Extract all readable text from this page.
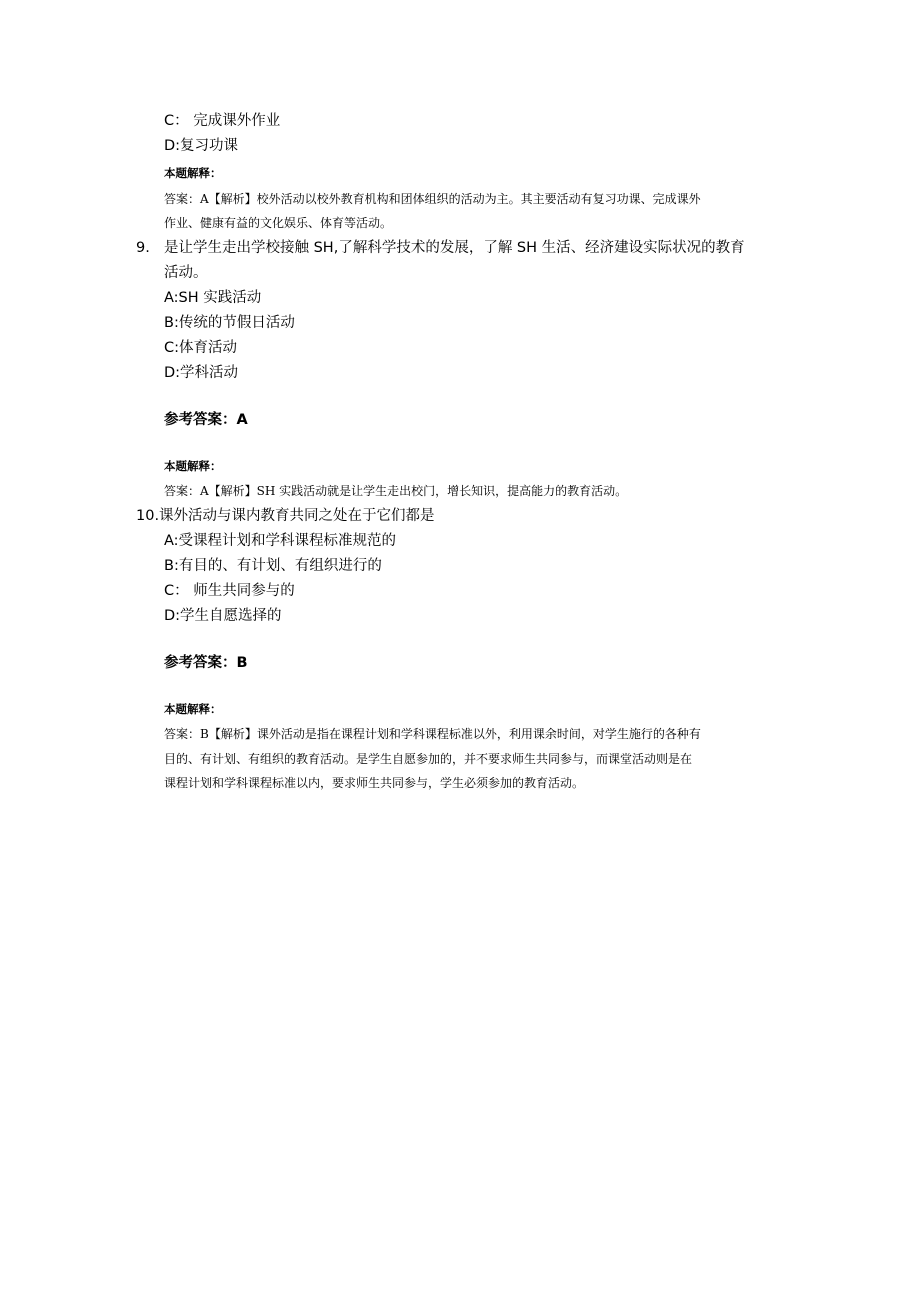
C： 完成课外作业
D:复习功课
本题解释：
答案：A【解析】校外活动以校外教育机构和团体组织的活动为主。其主要活动有复习功课、完成课外
作业、健康有益的文化娱乐、体育等活动。
9. 是让学生走出学校接触 SH,了解科学技术的发展，了解 SH 生活、经济建设实际状况的教育
活动。
A:SH 实践活动
B:传统的节假日活动
C:体育活动
D:学科活动
参考答案：A
本题解释：
答案：A【解析】SH 实践活动就是让学生走出校门，增长知识，提高能力的教育活动。
10.课外活动与课内教育共同之处在于它们都是
A:受课程计划和学科课程标准规范的
B:有目的、有计划、有组织进行的
C： 师生共同参与的
D:学生自愿选择的
参考答案：B
本题解释：
答案：B【解析】课外活动是指在课程计划和学科课程标准以外，利用课余时间，对学生施行的各种有
目的、有计划、有组织的教育活动。是学生自愿参加的，并不要求师生共同参与，而课堂活动则是在
课程计划和学科课程标准以内，要求师生共同参与，学生必须参加的教育活动。
